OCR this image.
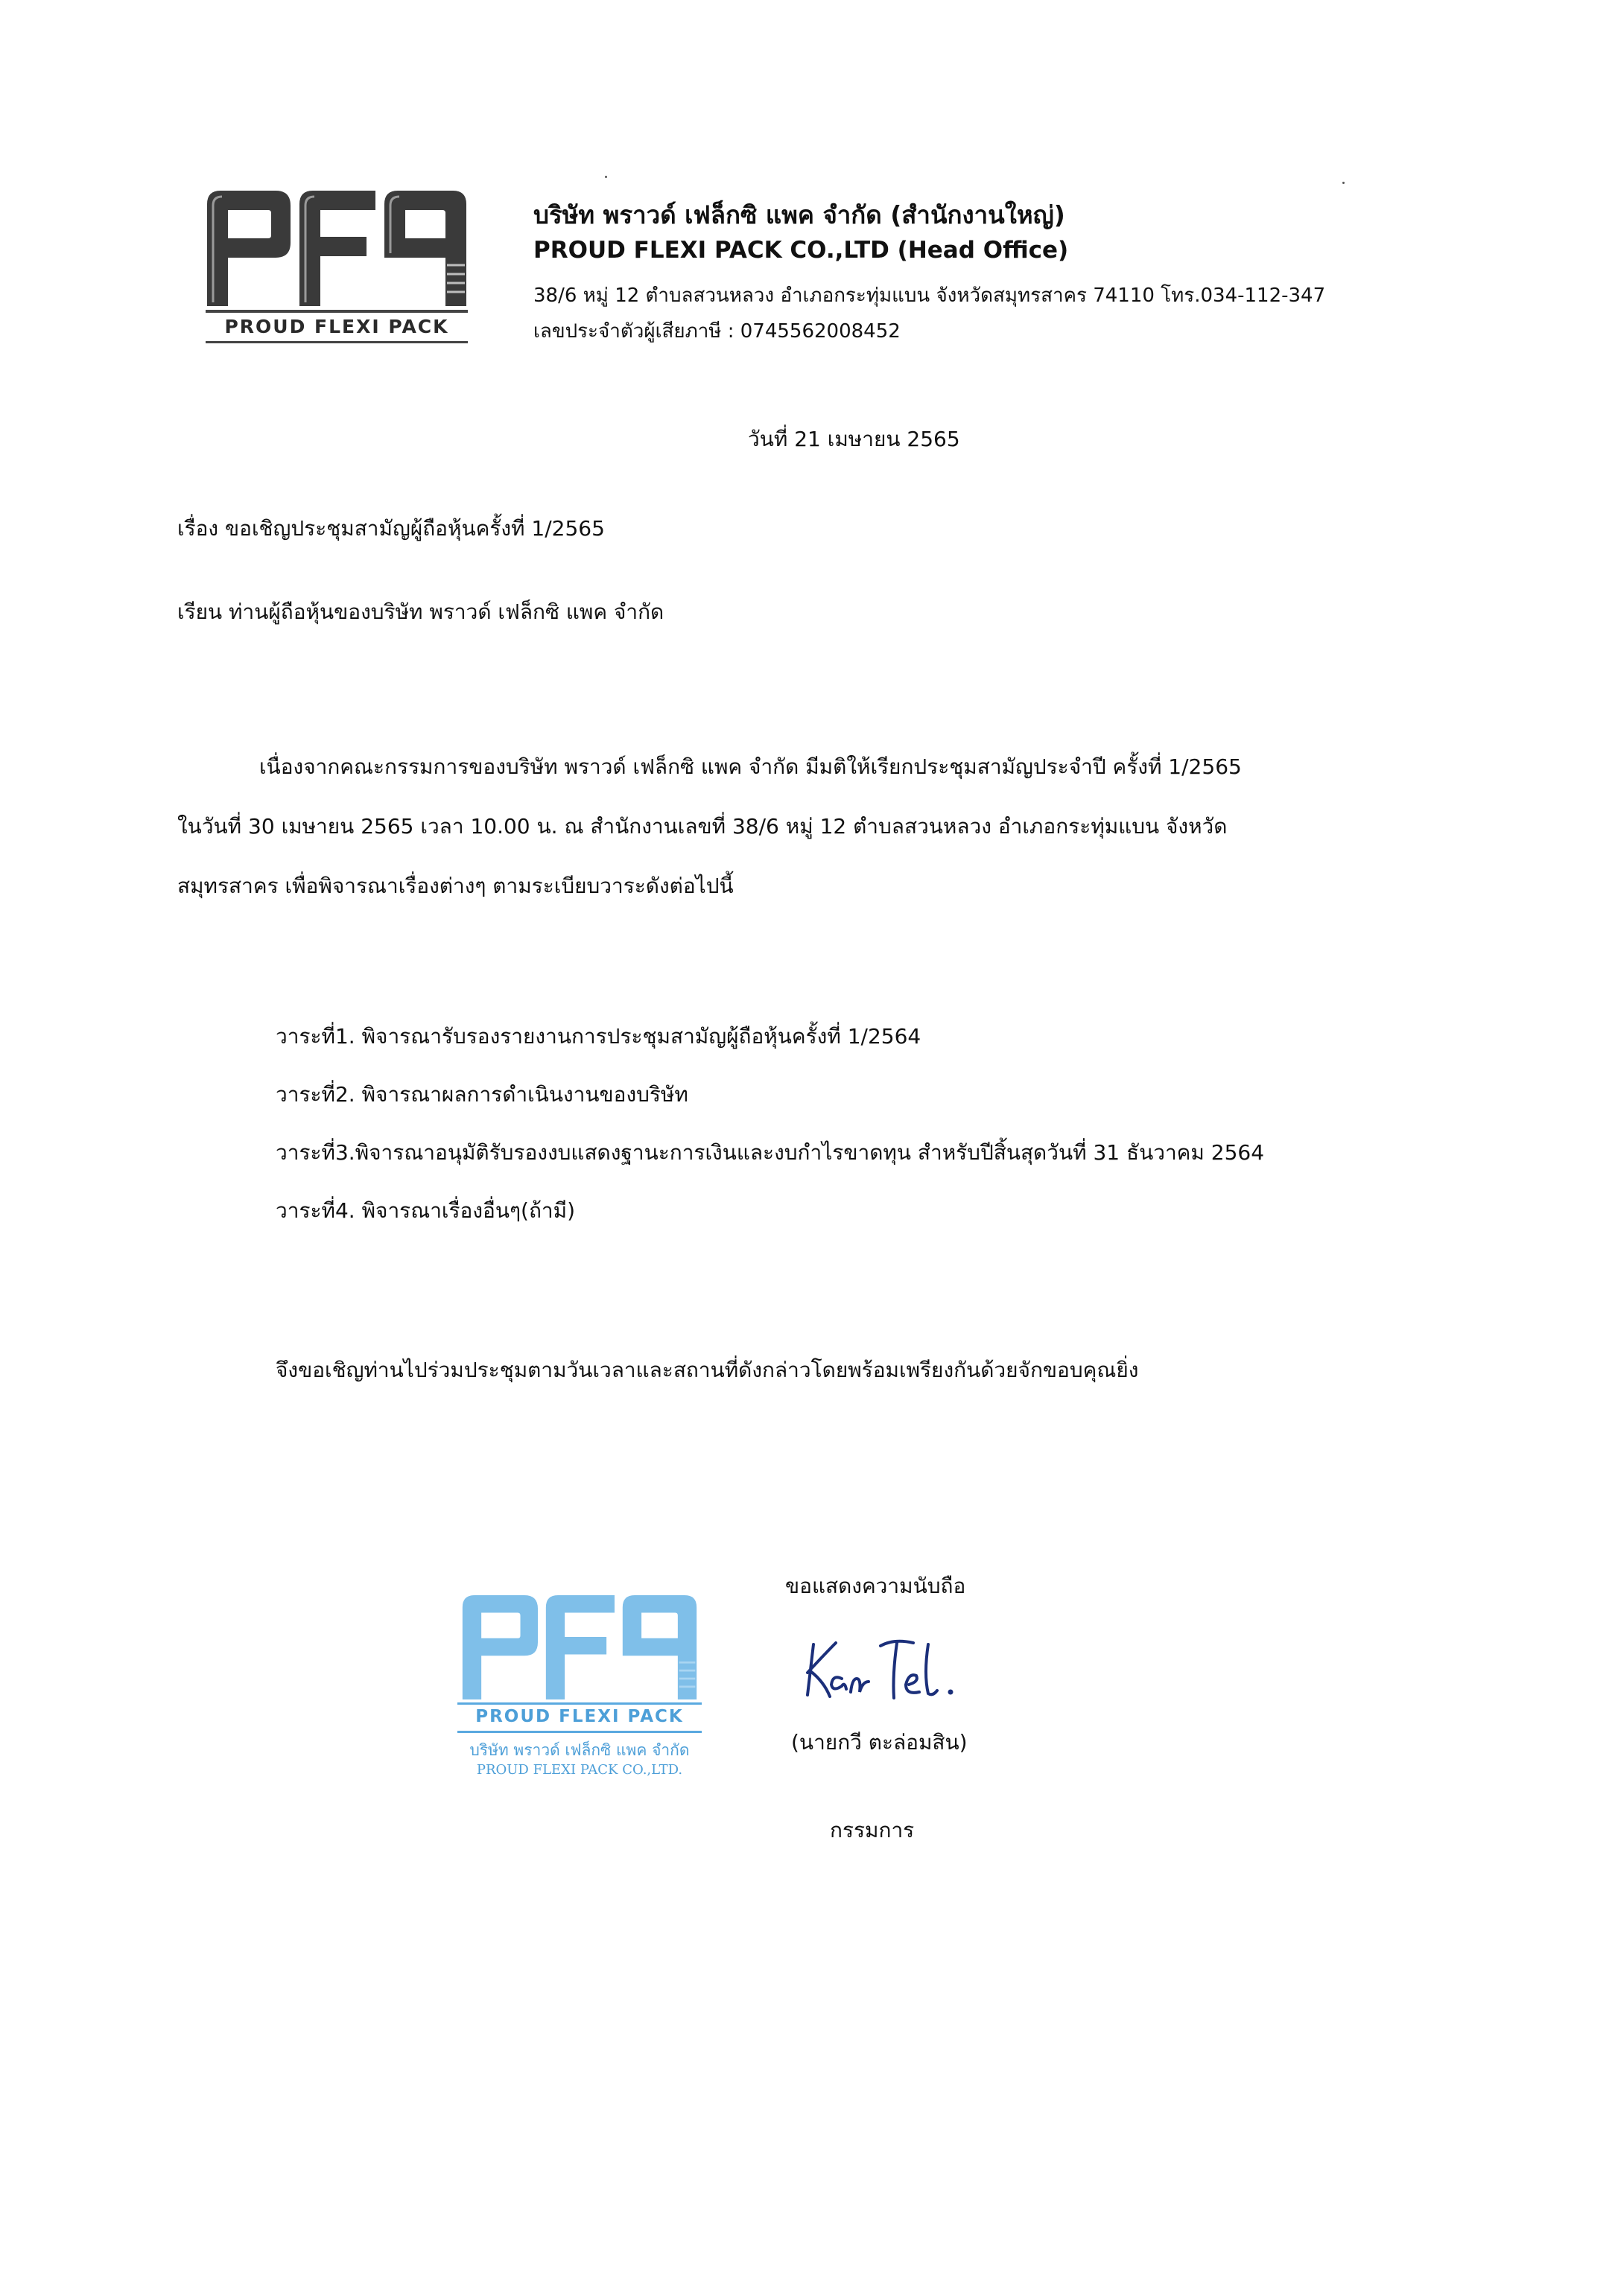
PROUD FLEXI PACK
บริษัท พราวด์ เฟล็กซิ แพค จำกัด (สำนักงานใหญ่)
PROUD FLEXI PACK CO.,LTD (Head Office)
38/6 หมู่ 12 ตำบลสวนหลวง อำเภอกระทุ่มแบน จังหวัดสมุทรสาคร 74110 โทร.034-112-347
เลขประจำตัวผู้เสียภาษี : 0745562008452
วันที่ 21 เมษายน 2565
เรื่อง ขอเชิญประชุมสามัญผู้ถือหุ้นครั้งที่ 1/2565
เรียน ท่านผู้ถือหุ้นของบริษัท พราวด์ เฟล็กซิ แพค จำกัด
เนื่องจากคณะกรรมการของบริษัท พราวด์ เฟล็กซิ แพค จำกัด มีมติให้เรียกประชุมสามัญประจำปี ครั้งที่ 1/2565
ในวันที่ 30 เมษายน 2565 เวลา 10.00 น. ณ สำนักงานเลขที่ 38/6 หมู่ 12 ตำบลสวนหลวง อำเภอกระทุ่มแบน จังหวัด
สมุทรสาคร เพื่อพิจารณาเรื่องต่างๆ ตามระเบียบวาระดังต่อไปนี้
วาระที่1. พิจารณารับรองรายงานการประชุมสามัญผู้ถือหุ้นครั้งที่ 1/2564
วาระที่2. พิจารณาผลการดำเนินงานของบริษัท
วาระที่3.พิจารณาอนุมัติรับรองงบแสดงฐานะการเงินและงบกำไรขาดทุน สำหรับปีสิ้นสุดวันที่ 31 ธันวาคม 2564
วาระที่4. พิจารณาเรื่องอื่นๆ(ถ้ามี)
จึงขอเชิญท่านไปร่วมประชุมตามวันเวลาและสถานที่ดังกล่าวโดยพร้อมเพรียงกันด้วยจักขอบคุณยิ่ง
ขอแสดงความนับถือ
(นายกวี ตะล่อมสิน)
กรรมการ
PROUD FLEXI PACK
บริษัท พราวด์ เฟล็กซิ แพค จำกัด
PROUD FLEXI PACK CO.,LTD.
